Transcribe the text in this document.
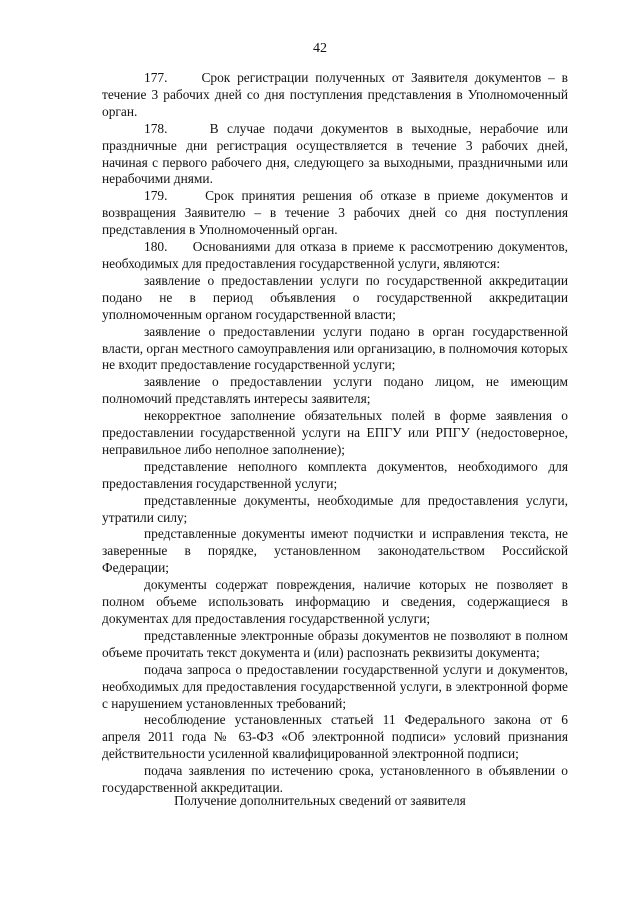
42

177.	Срок регистрации полученных от Заявителя документов – в течение 3 рабочих дней со дня поступления представления в Уполномоченный орган.

178.	В случае подачи документов в выходные, нерабочие или праздничные дни регистрация осуществляется в течение 3 рабочих дней, начиная с первого рабочего дня, следующего за выходными, праздничными или нерабочими днями.

179.	Срок принятия решения об отказе в приеме документов и возвращения Заявителю – в течение 3 рабочих дней со дня поступления представления в Уполномоченный орган.

180. Основаниями для отказа в приеме к рассмотрению документов, необходимых для предоставления государственной услуги, являются:

заявление о предоставлении услуги по государственной аккредитации подано не в период объявления о государственной аккредитации уполномоченным органом государственной власти;

заявление о предоставлении услуги подано в орган государственной власти, орган местного самоуправления или организацию, в полномочия которых не входит предоставление государственной услуги;

заявление о предоставлении услуги подано лицом, не имеющим полномочий представлять интересы заявителя;

некорректное заполнение обязательных полей в форме заявления о предоставлении государственной услуги на ЕПГУ или РПГУ (недостоверное, неправильное либо неполное заполнение);

представление неполного комплекта документов, необходимого для предоставления государственной услуги;

представленные документы, необходимые для предоставления услуги, утратили силу;

представленные документы имеют подчистки и исправления текста, не заверенные в порядке, установленном законодательством Российской Федерации;

документы содержат повреждения, наличие которых не позволяет в полном объеме использовать информацию и сведения, содержащиеся в документах для предоставления государственной услуги;

представленные электронные образы документов не позволяют в полном объеме прочитать текст документа и (или) распознать реквизиты документа;

подача запроса о предоставлении государственной услуги и документов, необходимых для предоставления государственной услуги, в электронной форме с нарушением установленных требований;

несоблюдение установленных статьей 11 Федерального закона от 6 апреля 2011 года № 63-ФЗ «Об электронной подписи» условий признания действительности усиленной квалифицированной электронной подписи;

подача заявления по истечению срока, установленного в объявлении о государственной аккредитации.

Получение дополнительных сведений от заявителя
